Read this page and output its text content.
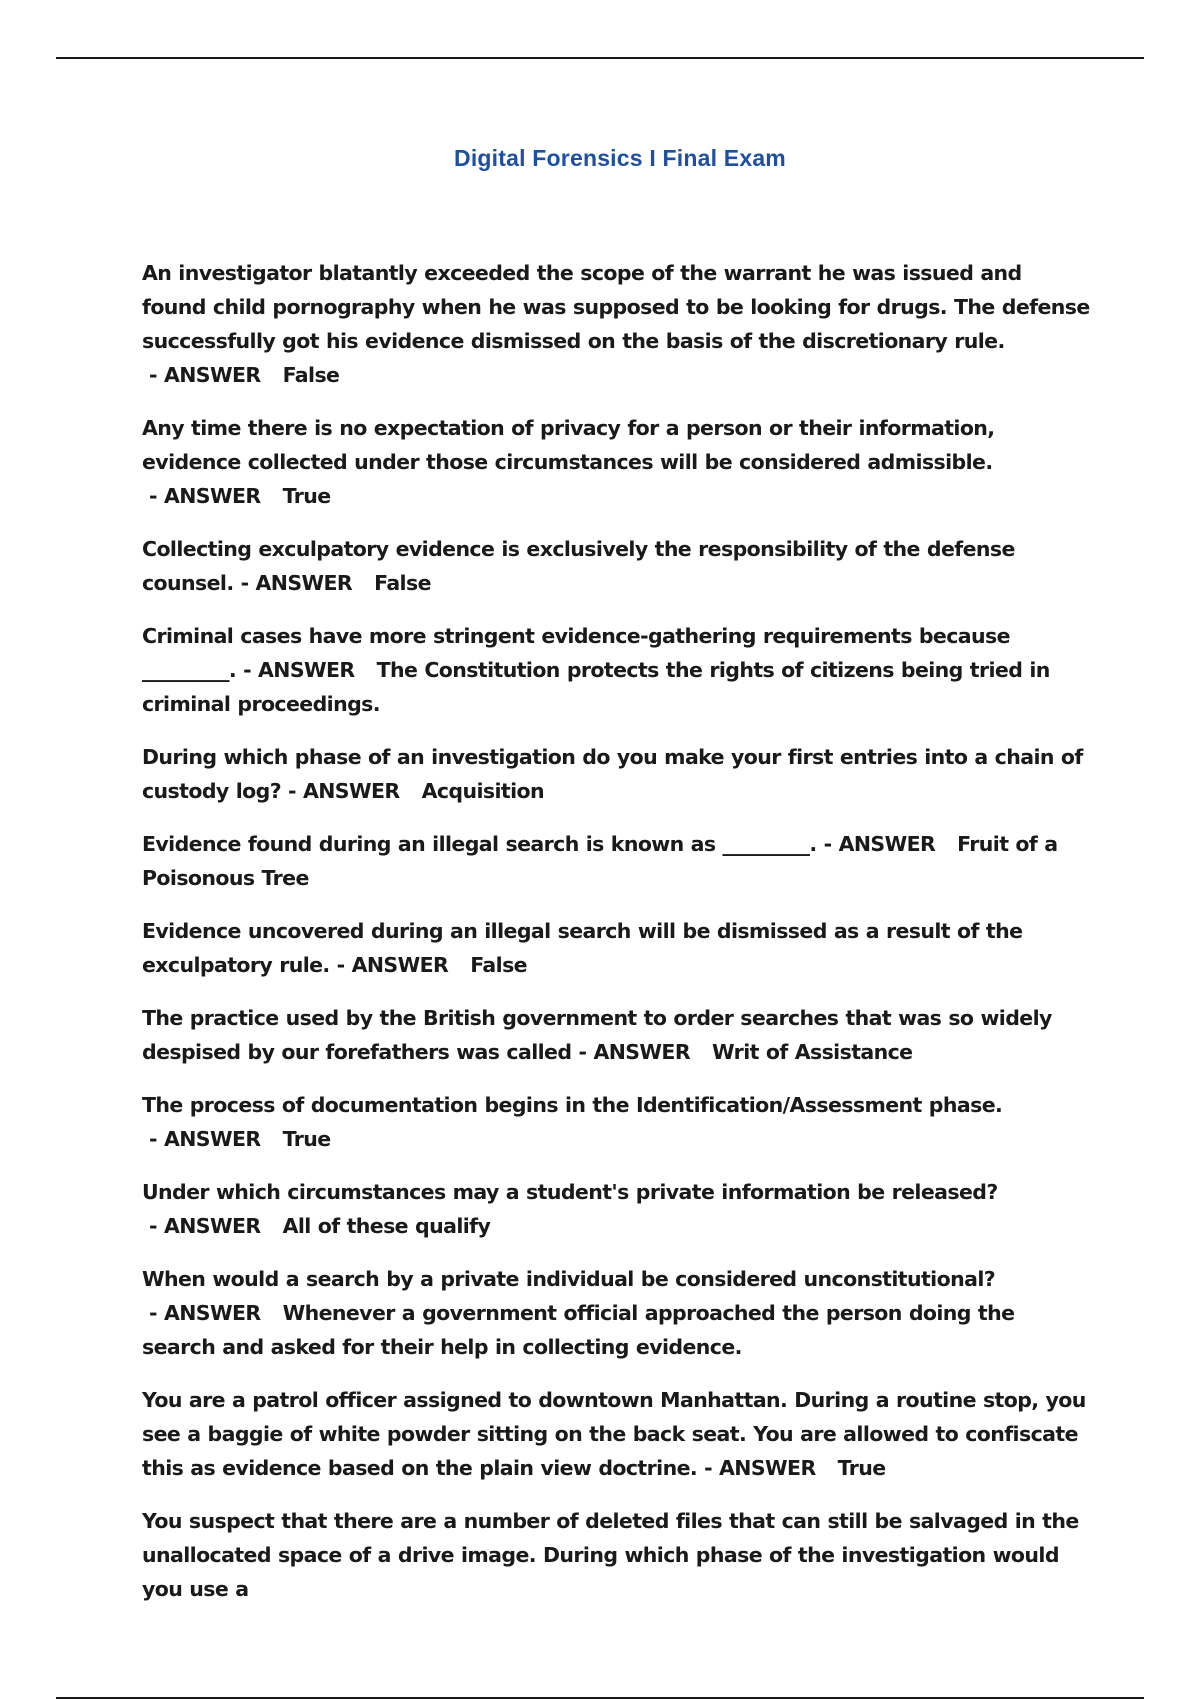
Digital Forensics I Final Exam

An investigator blatantly exceeded the scope of the warrant he was issued and found child pornography when he was supposed to be looking for drugs. The defense successfully got his evidence dismissed on the basis of the discretionary rule. - ANSWER False

Any time there is no expectation of privacy for a person or their information, evidence collected under those circumstances will be considered admissible. - ANSWER True

Collecting exculpatory evidence is exclusively the responsibility of the defense counsel. - ANSWER False

Criminal cases have more stringent evidence-gathering requirements because _________. - ANSWER The Constitution protects the rights of citizens being tried in criminal proceedings.

During which phase of an investigation do you make your first entries into a chain of custody log? - ANSWER Acquisition

Evidence found during an illegal search is known as _________. - ANSWER Fruit of a Poisonous Tree

Evidence uncovered during an illegal search will be dismissed as a result of the exculpatory rule. - ANSWER False

The practice used by the British government to order searches that was so widely despised by our forefathers was called - ANSWER Writ of Assistance

The process of documentation begins in the Identification/Assessment phase. - ANSWER True

Under which circumstances may a student's private information be released? - ANSWER All of these qualify

When would a search by a private individual be considered unconstitutional? - ANSWER Whenever a government official approached the person doing the search and asked for their help in collecting evidence.

You are a patrol officer assigned to downtown Manhattan. During a routine stop, you see a baggie of white powder sitting on the back seat. You are allowed to confiscate this as evidence based on the plain view doctrine. - ANSWER True

You suspect that there are a number of deleted files that can still be salvaged in the unallocated space of a drive image. During which phase of the investigation would you use a
